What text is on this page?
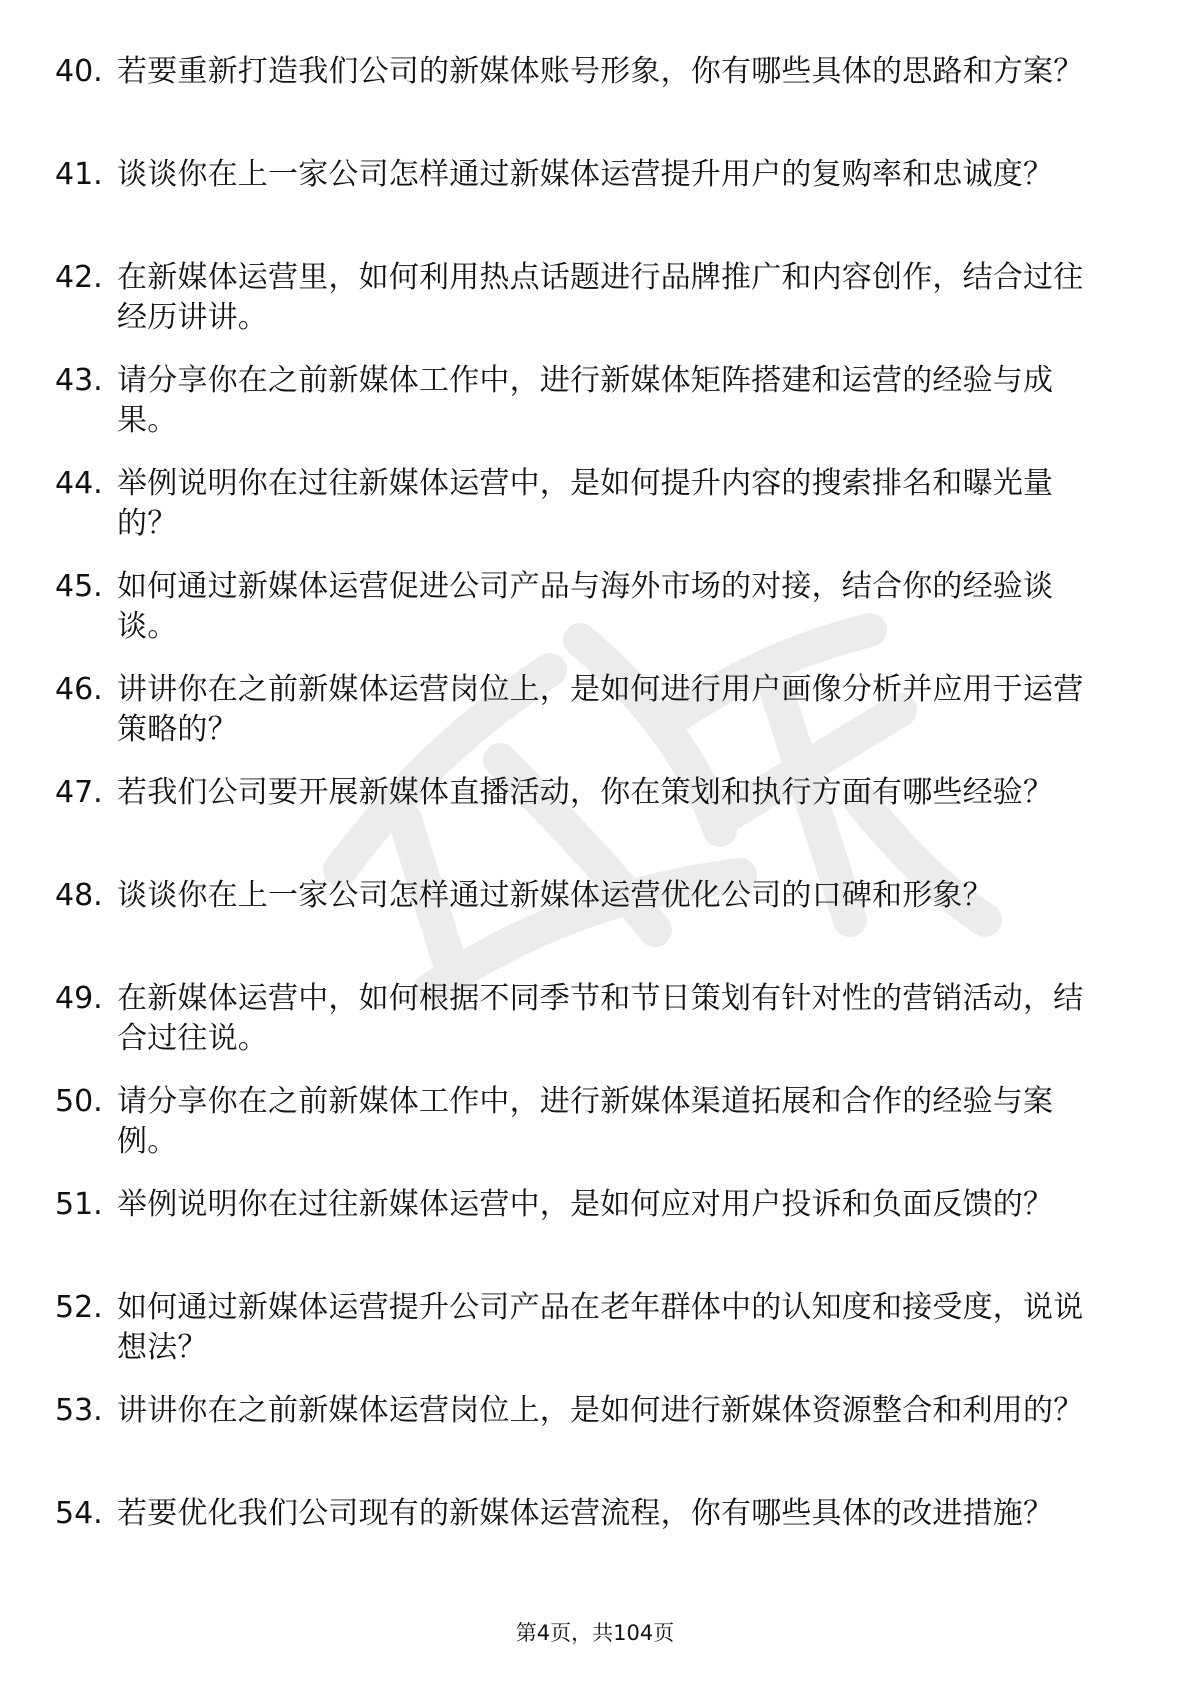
40. 若要重新打造我们公司的新媒体账号形象，你有哪些具体的思路和方案？
41. 谈谈你在上一家公司怎样通过新媒体运营提升用户的复购率和忠诚度？
42. 在新媒体运营里，如何利用热点话题进行品牌推广和内容创作，结合过往经历讲讲。
43. 请分享你在之前新媒体工作中，进行新媒体矩阵搭建和运营的经验与成果。
44. 举例说明你在过往新媒体运营中，是如何提升内容的搜索排名和曝光量的？
45. 如何通过新媒体运营促进公司产品与海外市场的对接，结合你的经验谈谈。
46. 讲讲你在之前新媒体运营岗位上，是如何进行用户画像分析并应用于运营策略的？
47. 若我们公司要开展新媒体直播活动，你在策划和执行方面有哪些经验？
48. 谈谈你在上一家公司怎样通过新媒体运营优化公司的口碑和形象？
49. 在新媒体运营中，如何根据不同季节和节日策划有针对性的营销活动，结合过往说。
50. 请分享你在之前新媒体工作中，进行新媒体渠道拓展和合作的经验与案例。
51. 举例说明你在过往新媒体运营中，是如何应对用户投诉和负面反馈的？
52. 如何通过新媒体运营提升公司产品在老年群体中的认知度和接受度，说说想法？
53. 讲讲你在之前新媒体运营岗位上，是如何进行新媒体资源整合和利用的？
54. 若要优化我们公司现有的新媒体运营流程，你有哪些具体的改进措施？
第4页，共104页
